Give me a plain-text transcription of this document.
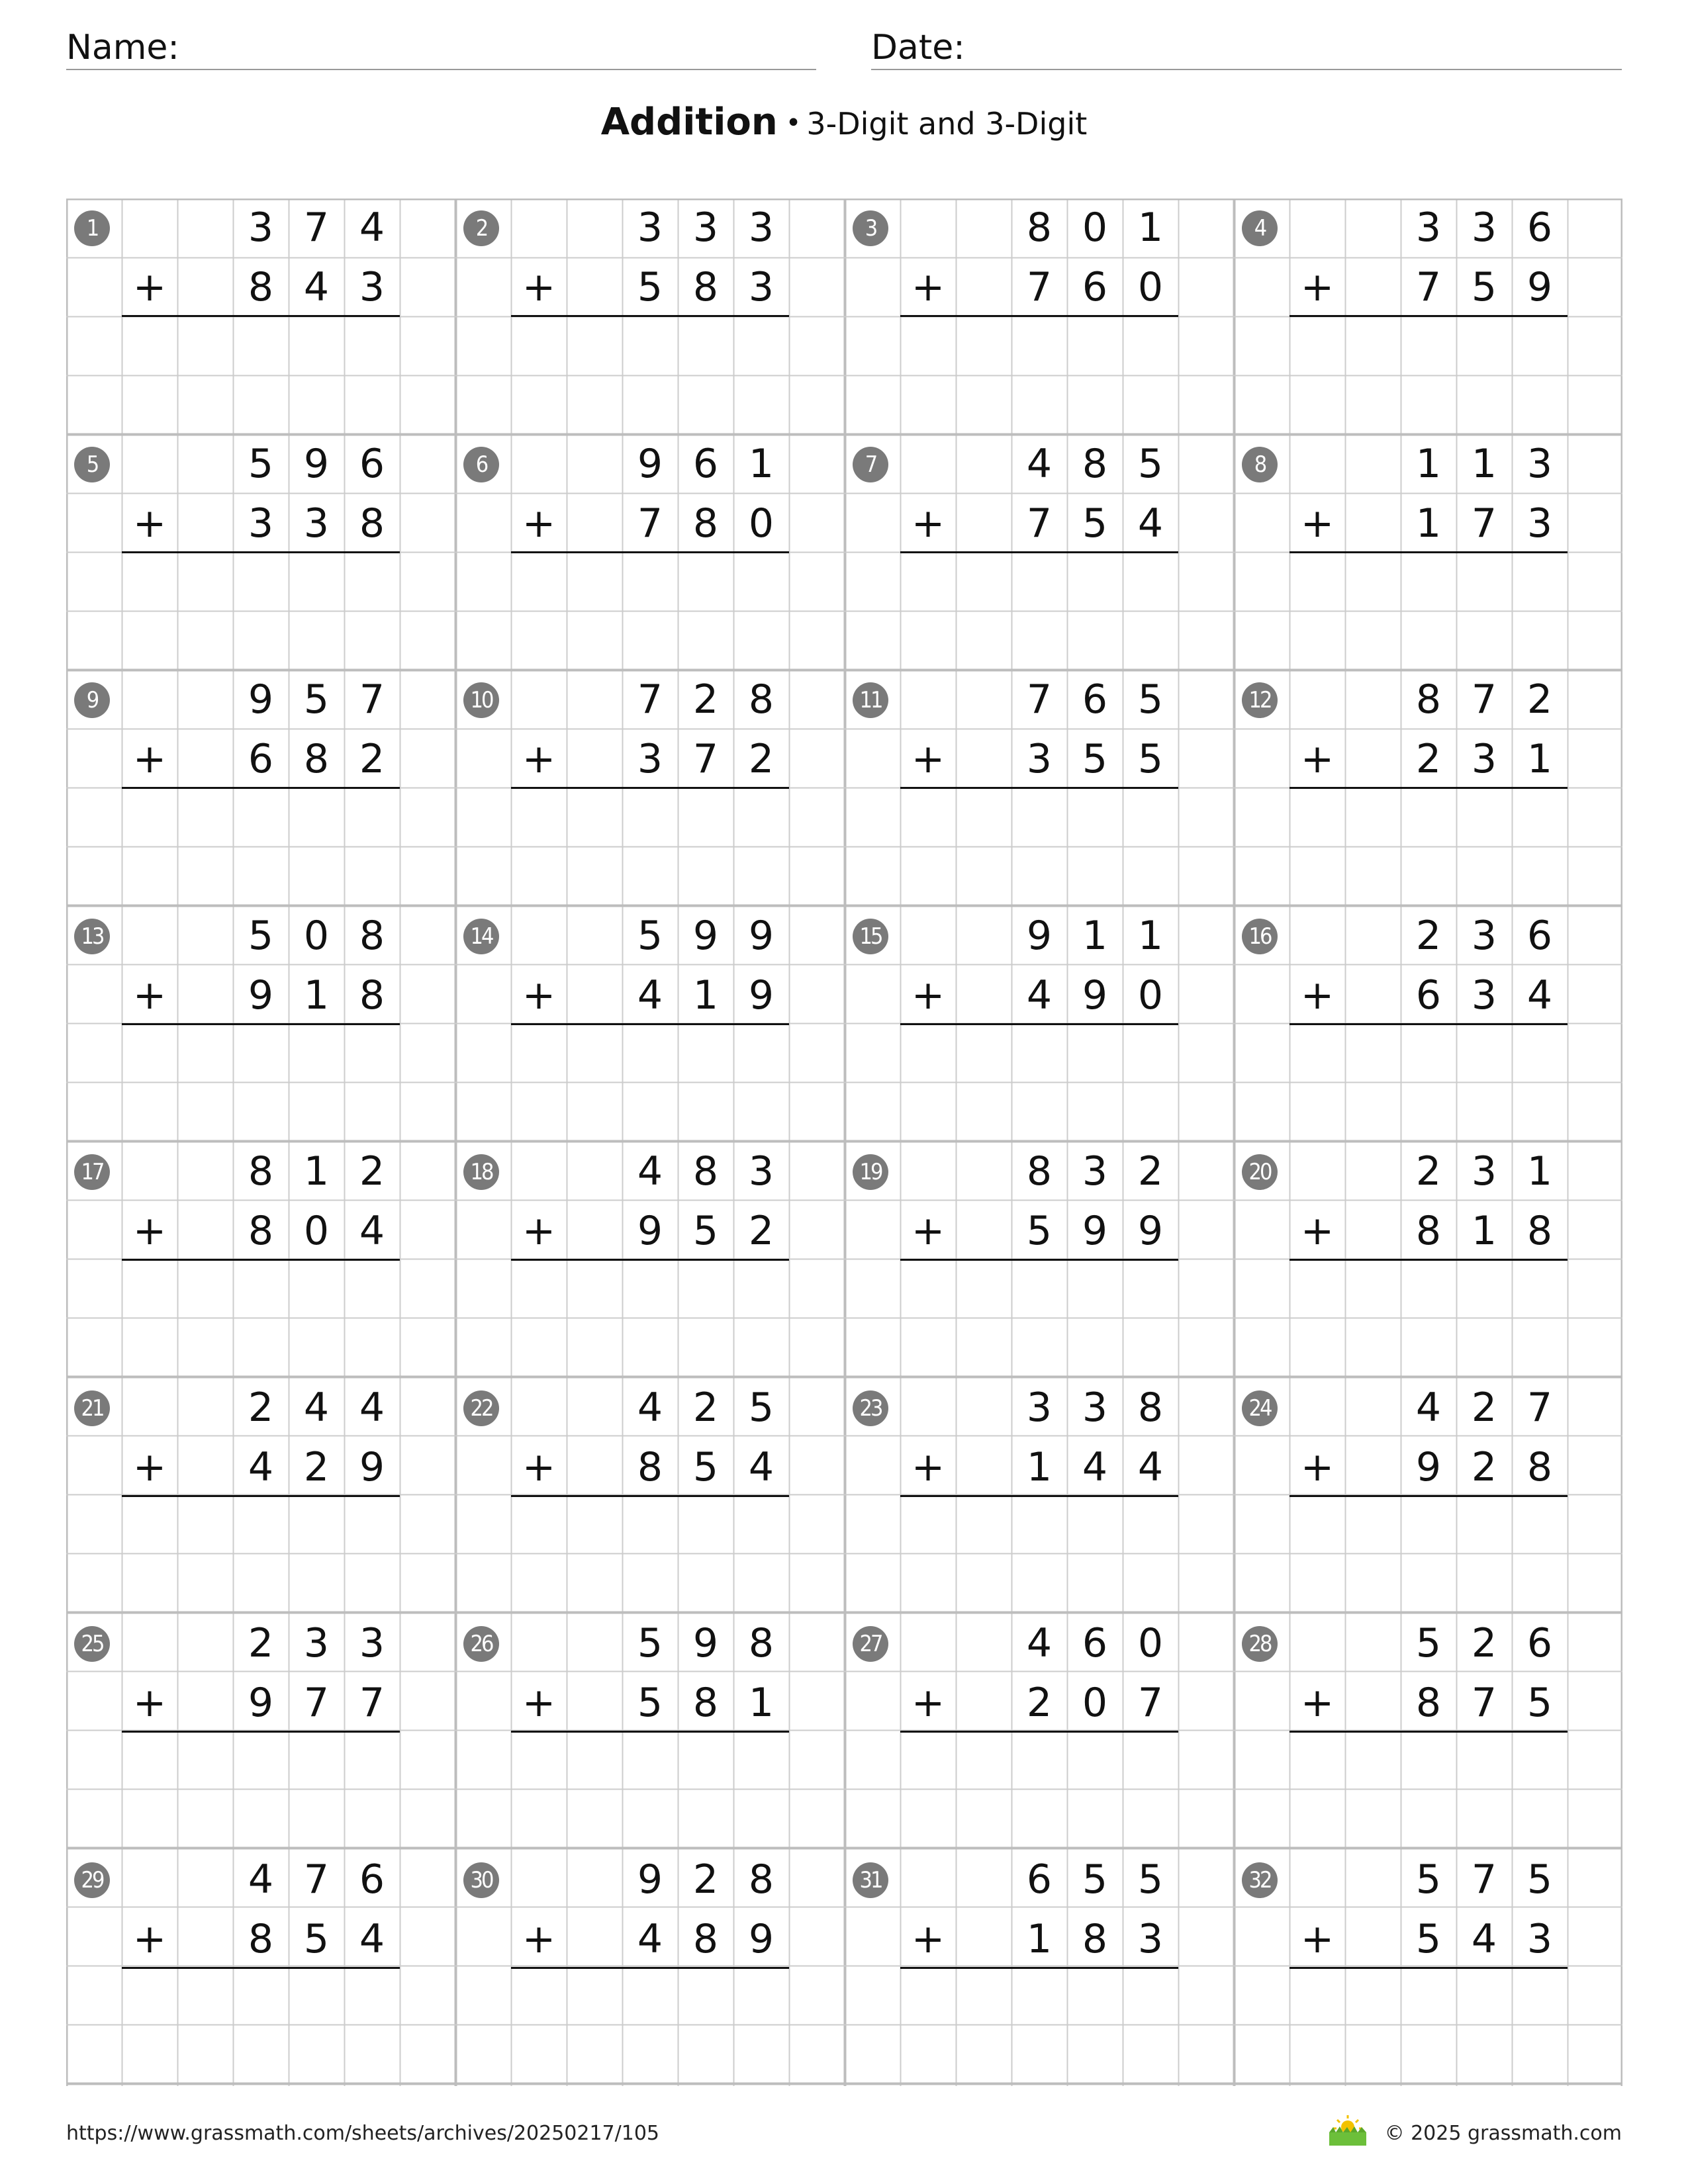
Name:	Date:
Addition • 3-Digit and 3-Digit
1	3 7 4
8 4 3
+
2	3 3 3
5 8 3
+
3	8 0 1
7 6 0
+
4	3 3 6
7 5 9
+
5	5 9 6
3 3 8
+
6	9 6 1
7 8 0
+
7	4 8 5
7 5 4
+
8	1 1 3
1 7 3
+
9	9 5 7
6 8 2
+
10	7 2 8
3 7 2
+
11	7 6 5
3 5 5
+
12	8 7 2
2 3 1
+
13	5 0 8
9 1 8
+
14	5 9 9
4 1 9
+
15	9 1 1
4 9 0
+
16	2 3 6
6 3 4
+
17	8 1 2
8 0 4
+
18	4 8 3
9 5 2
+
19	8 3 2
5 9 9
+
20	2 3 1
8 1 8
+
21	2 4 4
4 2 9
+
22	4 2 5
8 5 4
+
23	3 3 8
1 4 4
+
24	4 2 7
9 2 8
+
25	2 3 3
9 7 7
+
26	5 9 8
5 8 1
+
27	4 6 0
2 0 7
+
28	5 2 6
8 7 5
+
29	4 7 6
8 5 4
+
30	9 2 8
4 8 9
+
31	6 5 5
1 8 3
+
32	5 7 5
5 4 3
+
https://www.grassmath.com/sheets/archives/20250217/105	© 2025 grassmath.com
